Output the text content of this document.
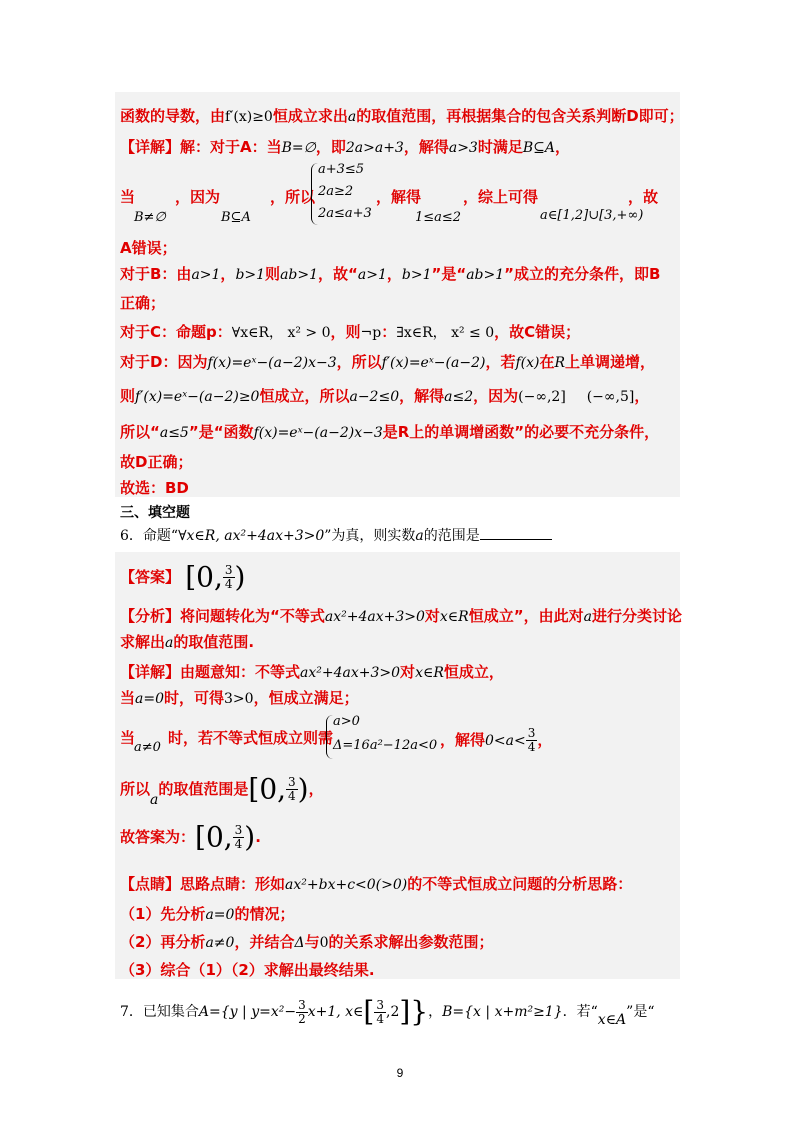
函数的导数，由f′(x)≥0恒成立求出a的取值范围，再根据集合的包含关系判断D即可；
【详解】解：对于A：当B=∅，即2a>a+3，解得a>3时满足B⊆A，
当	，因为	，所以
a+3≤5
2a≥2
2a≤a+3
，解得	，综上可得	，故
B≠∅	B⊆A	1≤a≤2	a∈[1,2]∪[3,+∞)
A错误；
对于B：由a>1，b>1则ab>1，故“a>1，b>1”是“ab>1”成立的充分条件，即B
正确；
对于C：命题p：∀x∈R， x² > 0，则¬p：∃x∈R， x² ≤ 0，故C错误；
对于D：因为f(x)=eˣ−(a−2)x−3，所以f′(x)=eˣ−(a−2)，若f(x)在R上单调递增，
则f′(x)=eˣ−(a−2)≥0恒成立，所以a−2≤0，解得a≤2，因为(−∞,2] (−∞,5]，
所以“a≤5”是“函数f(x)=eˣ−(a−2)x−3是R上的单调增函数”的必要不充分条件，
故D正确；
故选：BD
三、填空题
6．命题“∀x∈R, ax²+4ax+3>0”为真，则实数a的范围是
【答案】 [0, $\frac{3}{4}$ )
【分析】将问题转化为“不等式ax²+4ax+3>0对x∈R恒成立”，由此对a进行分类讨论
求解出a的取值范围.
【详解】由题意知：不等式ax²+4ax+3>0对x∈R恒成立，
当a=0时，可得3>0，恒成立满足；
当
a≠0
时，若不等式恒成立则需
a>0
Δ=16a²−12a<0 ，解得$0<a< \frac{3}{4}$ ，
所以a的取值范围是[0, $\frac{3}{4}$ )，
故答案为：[0, $\frac{3}{4}$ ).
【点睛】思路点睛：形如ax²+bx+c<0(>0)的不等式恒成立问题的分析思路：
（1）先分析a=0的情况；
（2）再分析a≠0，并结合Δ与0的关系求解出参数范围；
（3）综合（1）（2）求解出最终结果.
7．已知集合A={y | $y=x^2- \frac{3}{2} x+1$, x∈[ $\frac{3}{4} ,2$]}，B={x | x+m²≥1}．若“x∈A”是“
9
